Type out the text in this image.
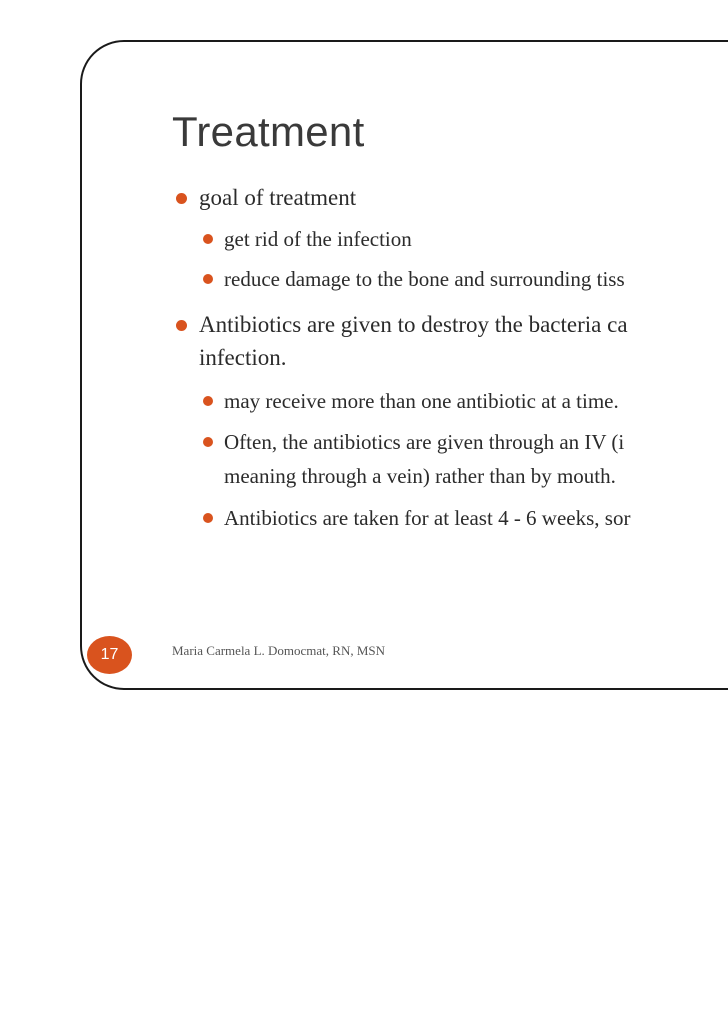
Treatment
goal of treatment
get rid of the infection
reduce damage to the bone and surrounding tiss
Antibiotics are given to destroy the bacteria ca
infection.
may receive more than one antibiotic at a time.
Often, the antibiotics are given through an IV (i
meaning through a vein) rather than by mouth.
Antibiotics are taken for at least 4 - 6 weeks, sor
Maria Carmela L. Domocmat, RN, MSN
17
